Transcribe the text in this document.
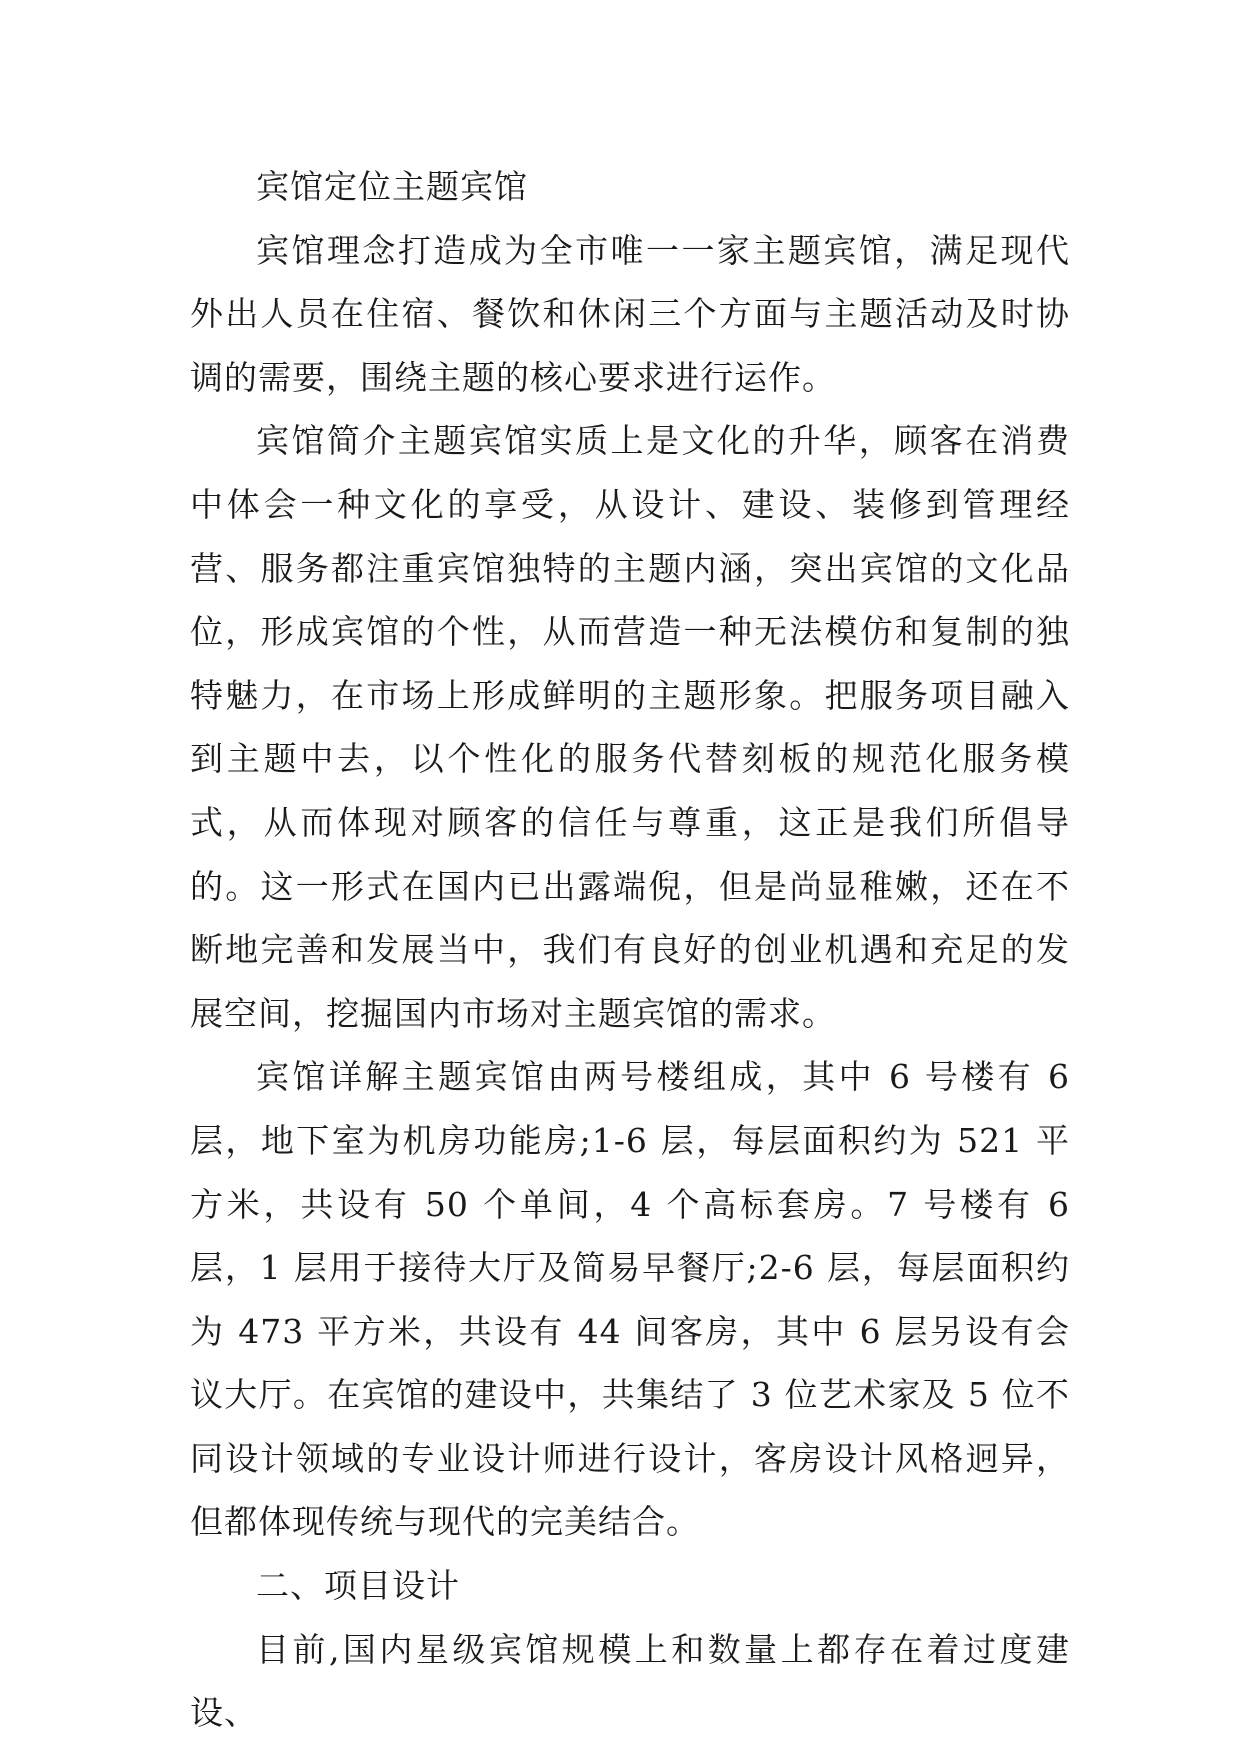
宾馆定位主题宾馆

宾馆理念打造成为全市唯一一家主题宾馆，满足现代外出人员在住宿、餐饮和休闲三个方面与主题活动及时协调的需要，围绕主题的核心要求进行运作。

宾馆简介主题宾馆实质上是文化的升华，顾客在消费中体会一种文化的享受，从设计、建设、装修到管理经营、服务都注重宾馆独特的主题内涵，突出宾馆的文化品位，形成宾馆的个性，从而营造一种无法模仿和复制的独特魅力，在市场上形成鲜明的主题形象。把服务项目融入到主题中去，以个性化的服务代替刻板的规范化服务模式，从而体现对顾客的信任与尊重，这正是我们所倡导的。这一形式在国内已出露端倪，但是尚显稚嫩，还在不断地完善和发展当中，我们有良好的创业机遇和充足的发展空间，挖掘国内市场对主题宾馆的需求。

宾馆详解主题宾馆由两号楼组成，其中 6 号楼有 6 层，地下室为机房功能房;1-6 层，每层面积约为 521 平方米，共设有 50 个单间，4 个高标套房。7 号楼有 6 层，1 层用于接待大厅及简易早餐厅;2-6 层，每层面积约为 473 平方米，共设有 44 间客房，其中 6 层另设有会议大厅。在宾馆的建设中，共集结了 3 位艺术家及 5 位不同设计领域的专业设计师进行设计，客房设计风格迥异，但都体现传统与现代的完美结合。

二、项目设计

目前,国内星级宾馆规模上和数量上都存在着过度建设、
